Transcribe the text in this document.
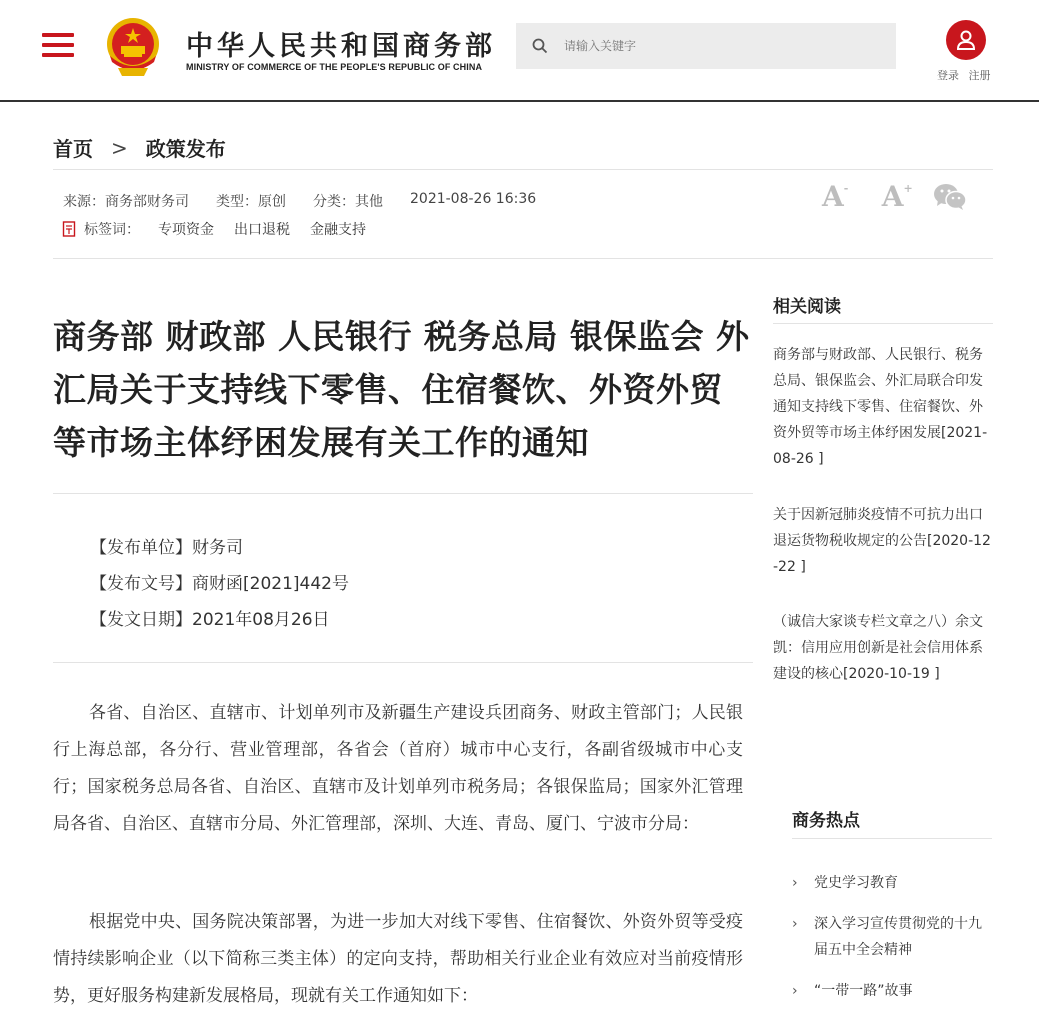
中华人民共和国商务部
MINISTRY OF COMMERCE OF THE PEOPLE'S REPUBLIC OF CHINA
请输入关键字
登录 注册
首页 > 政策发布
来源：商务部财务司 类型：原创 分类：其他 2021-08-26 16:36
标签词： 专项资金 出口退税 金融支持
A - A +
商务部 财政部 人民银行 税务总局 银保监会 外汇局关于支持线下零售、住宿餐饮、外资外贸等市场主体纾困发展有关工作的通知
【发布单位】财务司
【发布文号】商财函[2021]442号
【发文日期】2021年08月26日
各省、自治区、直辖市、计划单列市及新疆生产建设兵团商务、财政主管部门；人民银行上海总部，各分行、营业管理部，各省会（首府）城市中心支行，各副省级城市中心支行；国家税务总局各省、自治区、直辖市及计划单列市税务局；各银保监局；国家外汇管理局各省、自治区、直辖市分局、外汇管理部，深圳、大连、青岛、厦门、宁波市分局：
根据党中央、国务院决策部署，为进一步加大对线下零售、住宿餐饮、外资外贸等受疫情持续影响企业（以下简称三类主体）的定向支持，帮助相关行业企业有效应对当前疫情形势，更好服务构建新发展格局，现就有关工作通知如下：
相关阅读
商务部与财政部、人民银行、税务总局、银保监会、外汇局联合印发通知支持线下零售、住宿餐饮、外资外贸等市场主体纾困发展[2021-08-26 ]
关于因新冠肺炎疫情不可抗力出口退运货物税收规定的公告[2020-12-22 ]
（诚信大家谈专栏文章之八）余文凯：信用应用创新是社会信用体系建设的核心[2020-10-19 ]
商务热点
›	党史学习教育
›	深入学习宣传贯彻党的十九届五中全会精神
›	“一带一路”故事
